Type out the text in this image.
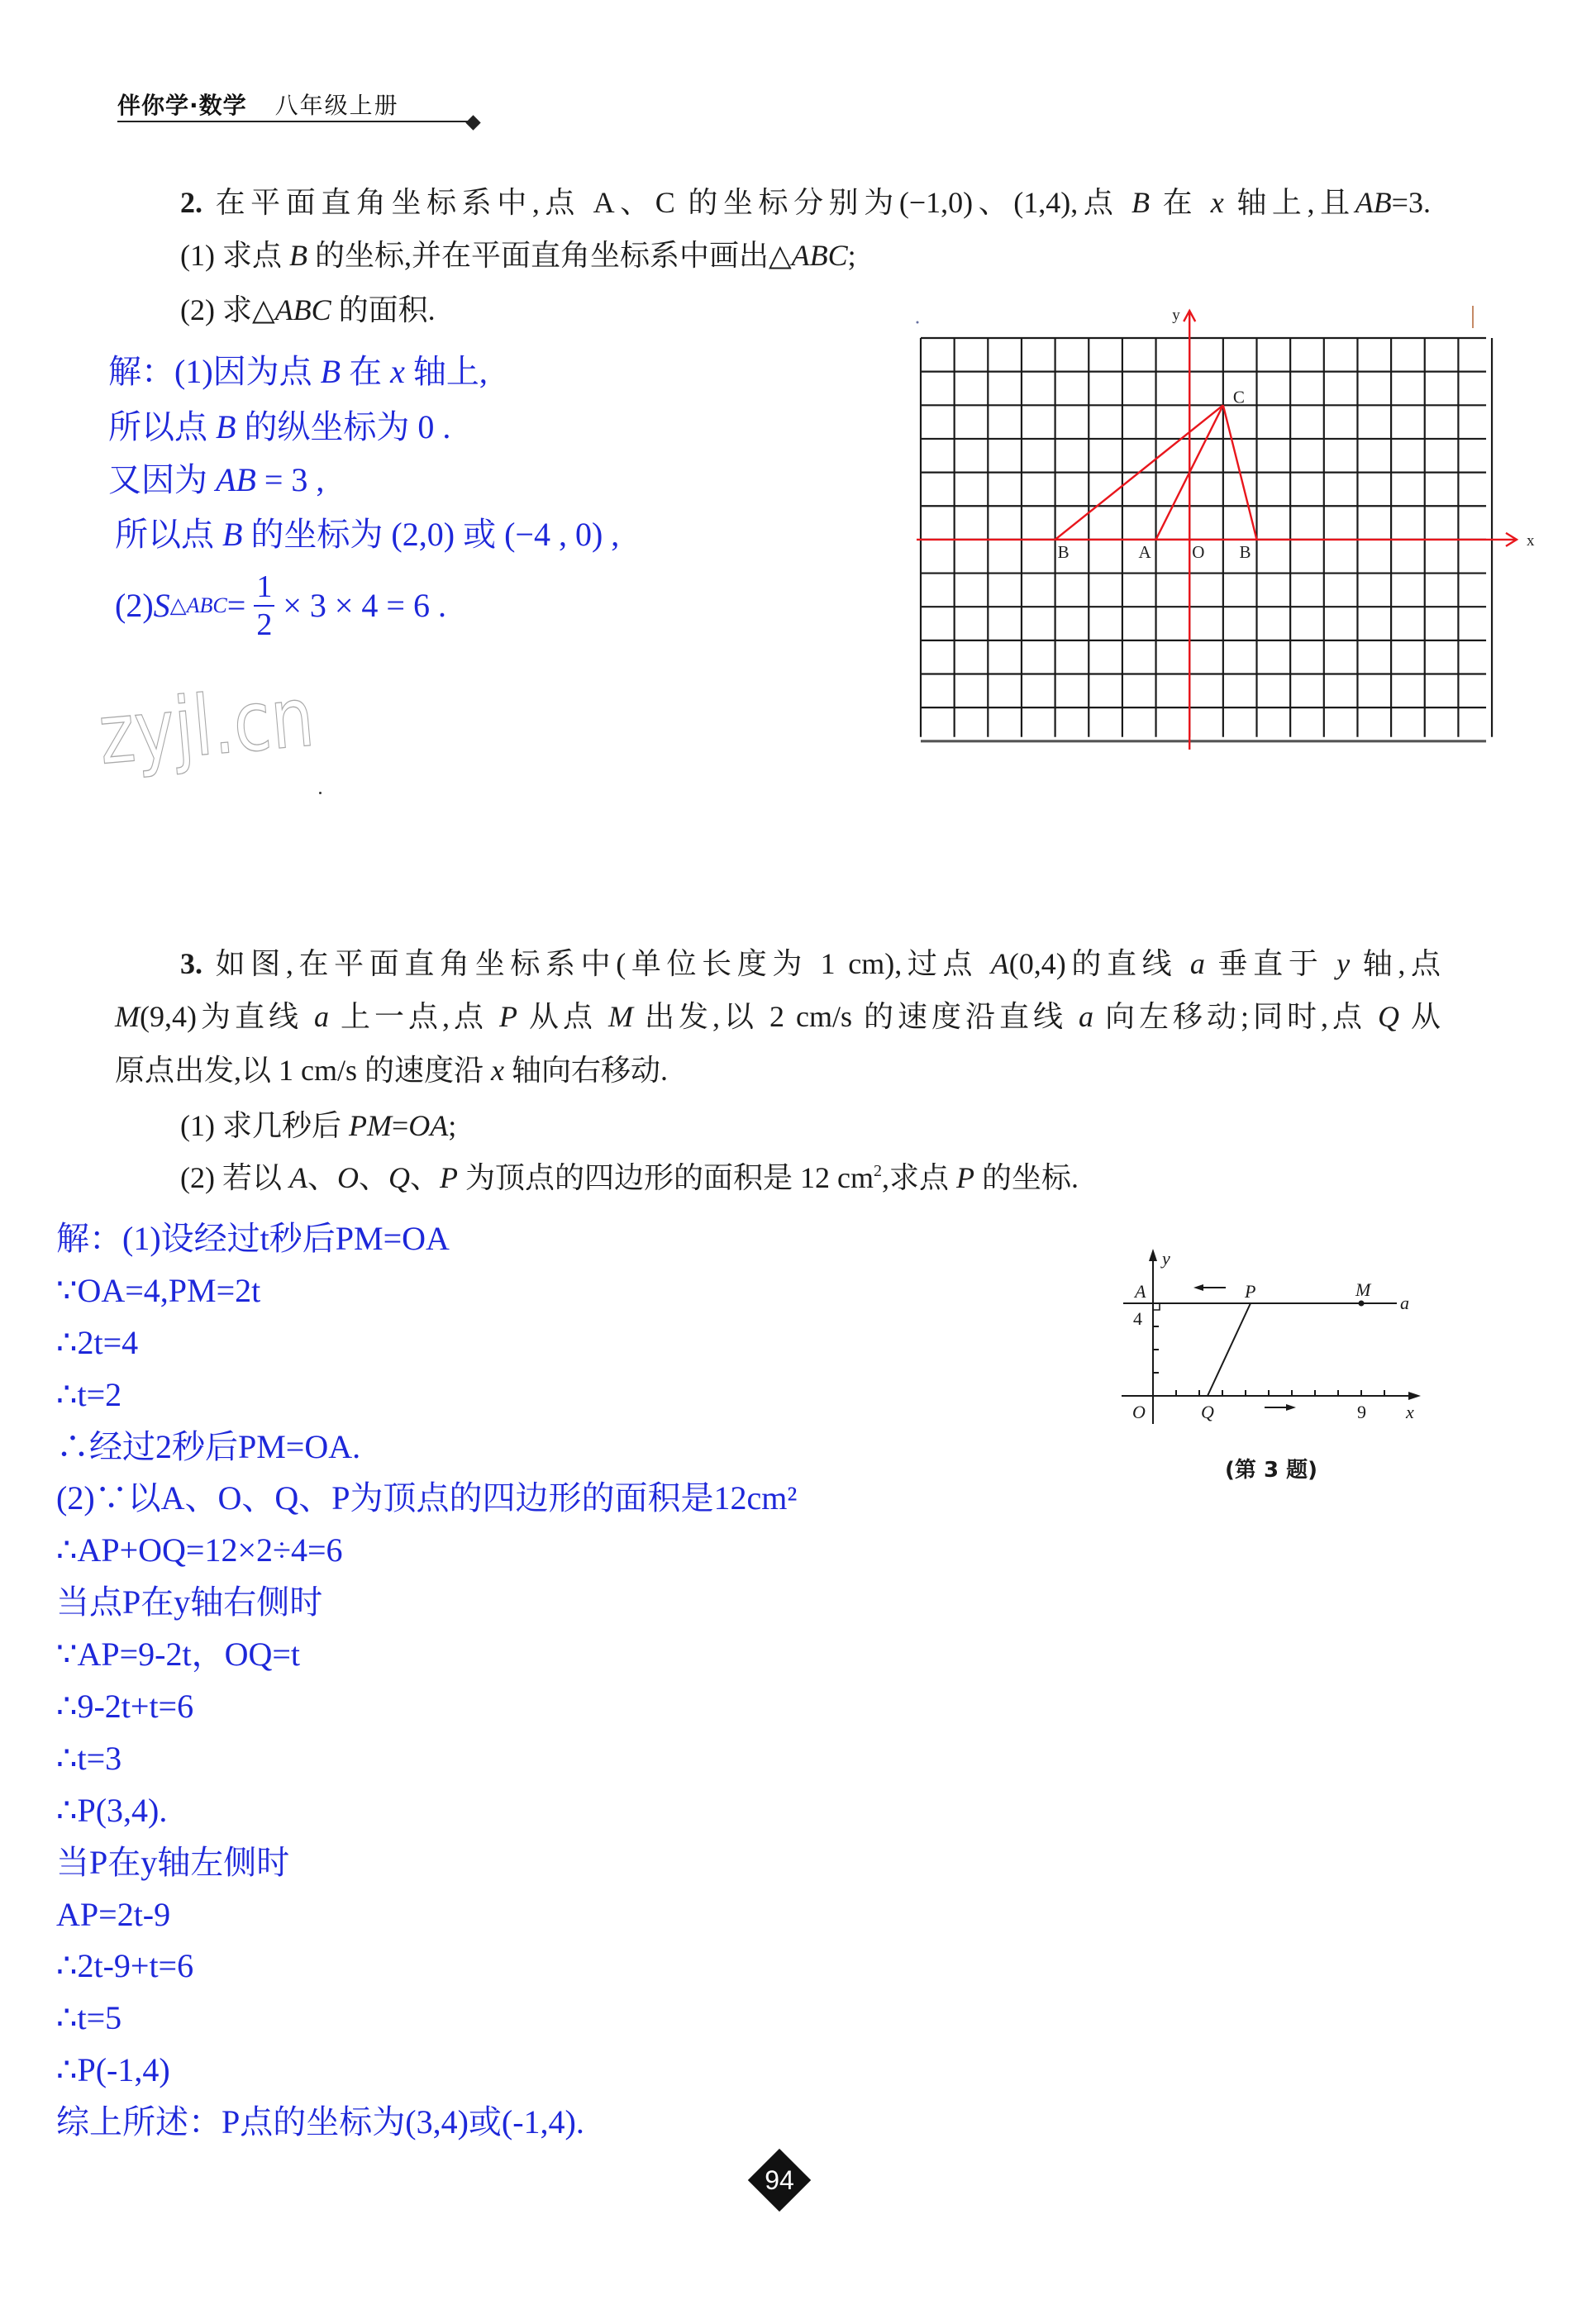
伴你学·数学 八年级上册
2. 在平面直角坐标系中,点 A、C 的坐标分别为(−1,0)、(1,4),点 B 在 x 轴上,且AB=3.
(1) 求点 B 的坐标,并在平面直角坐标系中画出△ABC;
(2) 求△ABC 的面积.
解：(1)因为点 B 在 x 轴上,
所以点 B 的纵坐标为 0 .
又因为 AB = 3 ,
所以点 B 的坐标为 (2,0) 或 (−4 , 0) ,
(2) S △ABC = $\frac{1}{2} \times 3 \times 4 = 6$ .
C
A
B	O B
y
x
zyjl.cn
3. 如图,在平面直角坐标系中(单位长度为 1 cm),过点 A(0,4)的直线 a 垂直于 y 轴,点
M(9,4)为直线 a 上一点,点 P 从点 M 出发,以 2 cm/s 的速度沿直线 a 向左移动;同时,点 Q 从
原点出发,以 1 cm/s 的速度沿 x 轴向右移动.
(1) 求几秒后 PM=OA;
(2) 若以 A、O、Q、P 为顶点的四边形的面积是 12 $cm^2$,求点 P 的坐标.
解：(1)设经过t秒后PM=OA
∵OA=4,PM=2t
∴2t=4
∴t=2
∴经过2秒后PM=OA.
(2)∵以A、O、Q、P为顶点的四边形的面积是12cm²
∴AP+OQ=12×2÷4=6
当点P在y轴右侧时
∵AP=9-2t，OQ=t
∴9-2t+t=6
∴t=3
∴P(3,4).
当P在y轴左侧时
AP=2t-9
∴2t-9+t=6
∴t=5
∴P(-1,4)
综上所述：P点的坐标为(3,4)或(-1,4).
A
4
y
P	M
a
O	Q	9 x
(第 3 题)
94
